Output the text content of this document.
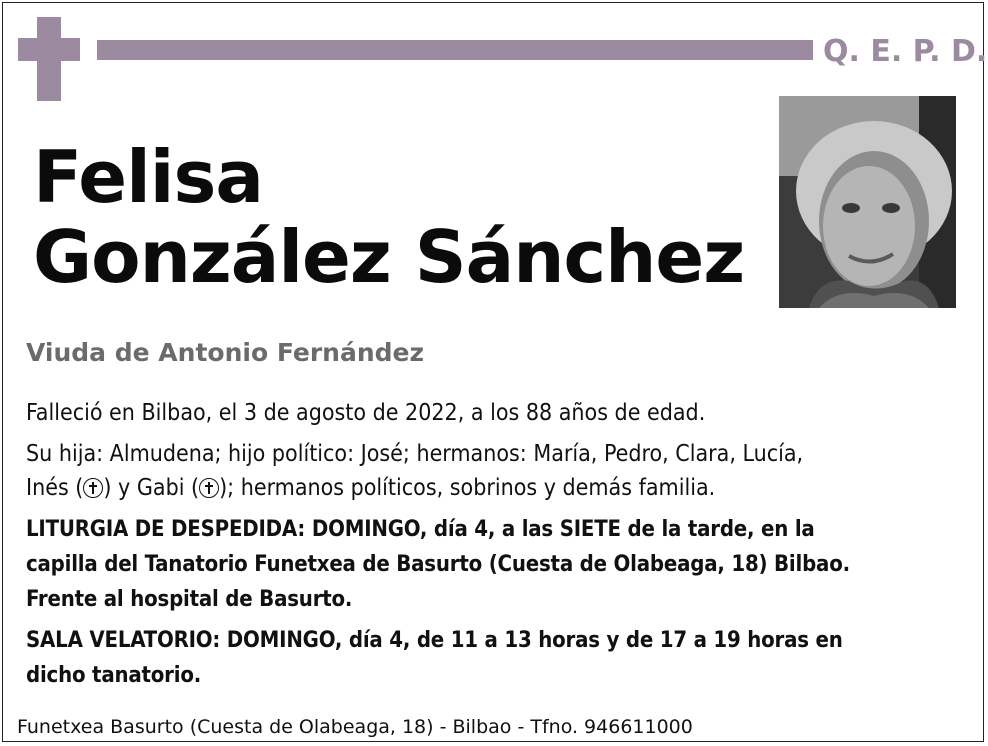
Q. E. P. D.
Felisa
González Sánchez
Viuda de Antonio Fernández
Falleció en Bilbao, el 3 de agosto de 2022, a los 88 años de edad.
Su hija: Almudena; hijo político: José; hermanos: María, Pedro, Clara, Lucía,
Inés ( ) y Gabi ( ); hermanos políticos, sobrinos y demás familia.
LITURGIA DE DESPEDIDA: DOMINGO, día 4, a las SIETE de la tarde, en la
capilla del Tanatorio Funetxea de Basurto (Cuesta de Olabeaga, 18) Bilbao.
Frente al hospital de Basurto.
SALA VELATORIO: DOMINGO, día 4, de 11 a 13 horas y de 17 a 19 horas en
dicho tanatorio.
Funetxea Basurto (Cuesta de Olabeaga, 18) - Bilbao - Tfno. 946611000
